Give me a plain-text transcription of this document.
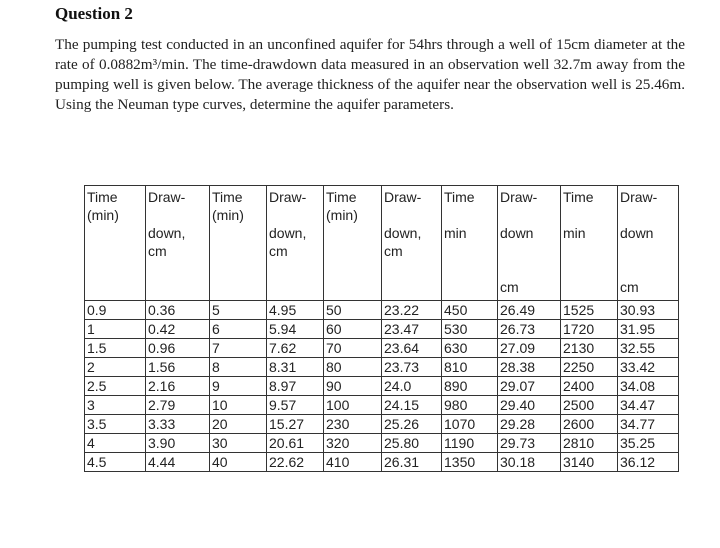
Question 2
The pumping test conducted in an unconfined aquifer for 54hrs through a well of 15cm diameter at the rate of 0.0882m³/min. The time-drawdown data measured in an observation well 32.7m away from the pumping well is given below. The average thickness of the aquifer near the observation well is 25.46m. Using the Neuman type curves, determine the aquifer parameters.
Time
(min)	Draw-
down,
cm	Time
(min)	Draw-
down,
cm	Time
(min)	Draw-
down,
cm	Time
min	Draw-
down
cm	Time
min	Draw-
down
cm

0.9	0.36	5	4.95	50	23.22	450	26.49	1525	30.93
1	0.42	6	5.94	60	23.47	530	26.73	1720	31.95
1.5	0.96	7	7.62	70	23.64	630	27.09	2130	32.55
2	1.56	8	8.31	80	23.73	810	28.38	2250	33.42
2.5	2.16	9	8.97	90	24.0	890	29.07	2400	34.08
3	2.79	10	9.57	100	24.15	980	29.40	2500	34.47
3.5	3.33	20	15.27	230	25.26	1070	29.28	2600	34.77
4	3.90	30	20.61	320	25.80	1190	29.73	2810	35.25
4.5	4.44	40	22.62	410	26.31	1350	30.18	3140	36.12
